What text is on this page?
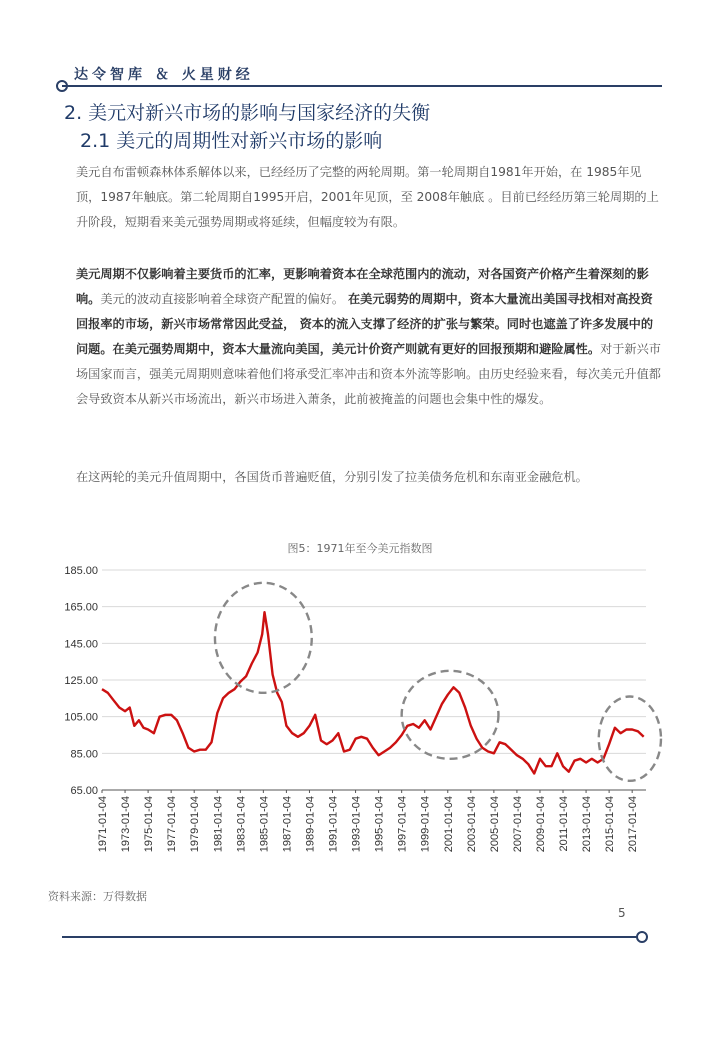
达令智库 ＆ 火星财经
2. 美元对新兴市场的影响与国家经济的失衡
2.1 美元的周期性对新兴市场的影响

美元自布雷顿森林体系解体以来，已经经历了完整的两轮周期。第一轮周期自1981年开始，在 1985年见顶，1987年触底。第二轮周期自1995开启，2001年见顶，至 2008年触底 。目前已经经历第三轮周期的上升阶段，短期看来美元强势周期或将延续，但幅度较为有限。

美元周期不仅影响着主要货币的汇率，更影响着资本在全球范围内的流动，对各国资产价格产生着深刻的影响。美元的波动直接影响着全球资产配置的偏好。 在美元弱势的周期中，资本大量流出美国寻找相对高投资回报率的市场，新兴市场常常因此受益， 资本的流入支撑了经济的扩张与繁荣。同时也遮盖了许多发展中的问题。在美元强势周期中，资本大量流向美国，美元计价资产则就有更好的回报预期和避险属性。对于新兴市场国家而言，强美元周期则意味着他们将承受汇率冲击和资本外流等影响。由历史经验来看，每次美元升值都会导致资本从新兴市场流出，新兴市场进入萧条，此前被掩盖的问题也会集中性的爆发。

在这两轮的美元升值周期中，各国货币普遍贬值，分别引发了拉美债务危机和东南亚金融危机。

图5：1971年至今美元指数图
185.00
165.00
145.00
125.00
105.00
85.00
65.00
1971-01-04 1973-01-04 1975-01-04 1977-01-04 1979-01-04 1981-01-04 1983-01-04 1985-01-04 1987-01-04 1989-01-04 1991-01-04 1993-01-04 1995-01-04 1997-01-04 1999-01-04 2001-01-04 2003-01-04 2005-01-04 2007-01-04 2009-01-04 2011-01-04 2013-01-04 2015-01-04 2017-01-04
资料来源：万得数据
5
